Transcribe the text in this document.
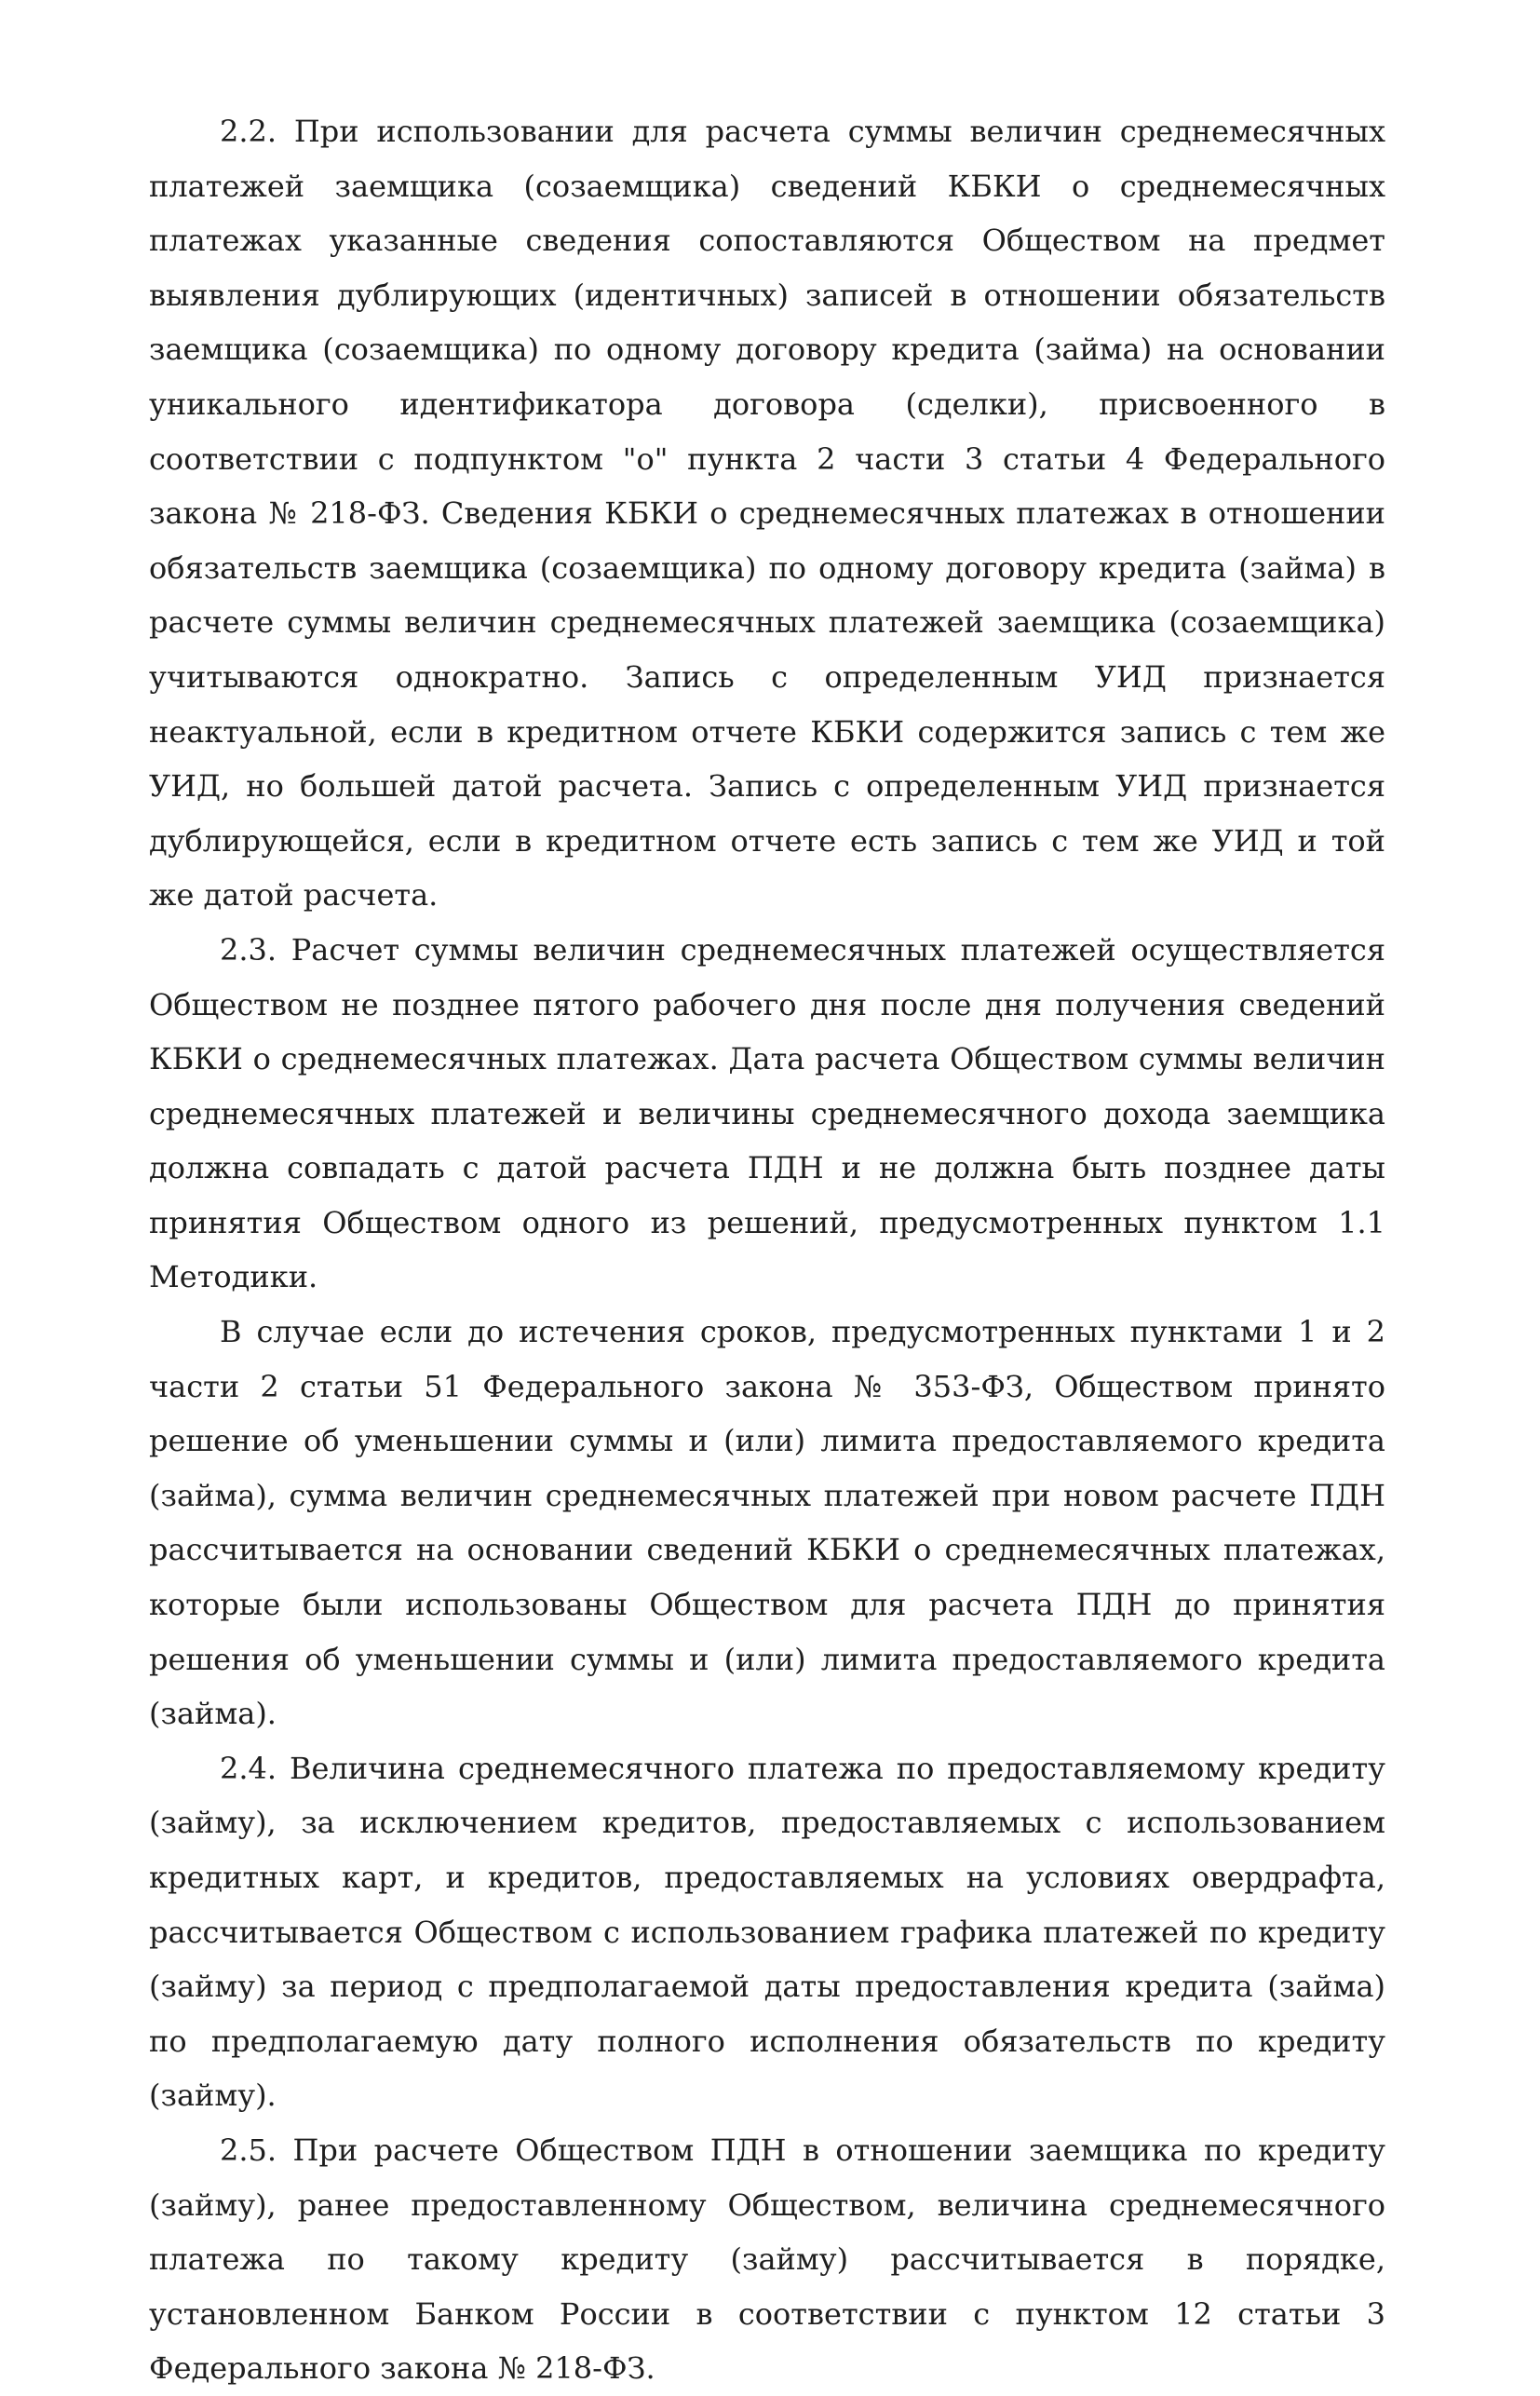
2.2. При использовании для расчета суммы величин среднемесячных платежей заемщика (созаемщика) сведений КБКИ о среднемесячных платежах указанные сведения сопоставляются Обществом на предмет выявления дублирующих (идентичных) записей в отношении обязательств заемщика (созаемщика) по одному договору кредита (займа) на основании уникального идентификатора договора (сделки), присвоенного в соответствии с подпунктом "о" пункта 2 части 3 статьи 4 Федерального закона № 218-ФЗ. Сведения КБКИ о среднемесячных платежах в отношении обязательств заемщика (созаемщика) по одному договору кредита (займа) в расчете суммы величин среднемесячных платежей заемщика (созаемщика) учитываются однократно. Запись с определенным УИД признается неактуальной, если в кредитном отчете КБКИ содержится запись с тем же УИД, но большей датой расчета. Запись с определенным УИД признается дублирующейся, если в кредитном отчете есть запись с тем же УИД и той же датой расчета.

2.3. Расчет суммы величин среднемесячных платежей осуществляется Обществом не позднее пятого рабочего дня после дня получения сведений КБКИ о среднемесячных платежах. Дата расчета Обществом суммы величин среднемесячных платежей и величины среднемесячного дохода заемщика должна совпадать с датой расчета ПДН и не должна быть позднее даты принятия Обществом одного из решений, предусмотренных пунктом 1.1 Методики.

В случае если до истечения сроков, предусмотренных пунктами 1 и 2 части 2 статьи 51 Федерального закона № 353-ФЗ, Обществом принято решение об уменьшении суммы и (или) лимита предоставляемого кредита (займа), сумма величин среднемесячных платежей при новом расчете ПДН рассчитывается на основании сведений КБКИ о среднемесячных платежах, которые были использованы Обществом для расчета ПДН до принятия решения об уменьшении суммы и (или) лимита предоставляемого кредита (займа).

2.4. Величина среднемесячного платежа по предоставляемому кредиту (займу), за исключением кредитов, предоставляемых с использованием кредитных карт, и кредитов, предоставляемых на условиях овердрафта, рассчитывается Обществом с использованием графика платежей по кредиту (займу) за период с предполагаемой даты предоставления кредита (займа) по предполагаемую дату полного исполнения обязательств по кредиту (займу).

2.5. При расчете Обществом ПДН в отношении заемщика по кредиту (займу), ранее предоставленному Обществом, величина среднемесячного платежа по такому кредиту (займу) рассчитывается в порядке, установленном Банком России в соответствии с пунктом 12 статьи 3 Федерального закона № 218-ФЗ.
